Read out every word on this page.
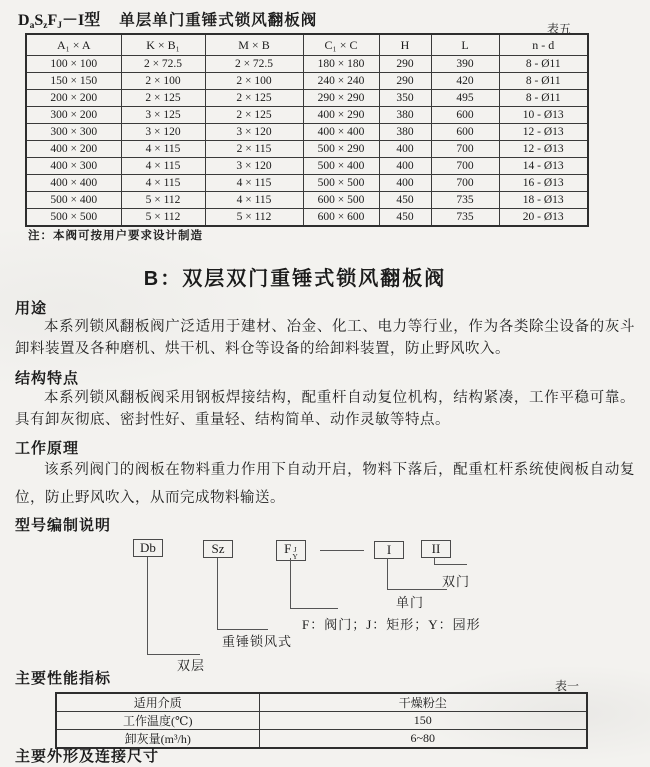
$D_aS_zF_J-I$型 单层单门重锤式锁风翻板阀	表五
A₁ × A	K × B₁	M × B	C₁ × C	H	L	n - d
100 × 100	2 × 72.5	2 × 72.5	180 × 180	290	390	8 - Ø11
150 × 150	2 × 100	2 × 100	240 × 240	290	420	8 - Ø11
200 × 200	2 × 125	2 × 125	290 × 290	350	495	8 - Ø11
300 × 200	3 × 125	2 × 125	400 × 290	380	600	10 - Ø13
300 × 300	3 × 120	3 × 120	400 × 400	380	600	12 - Ø13
400 × 200	4 × 115	2 × 115	500 × 290	400	700	12 - Ø13
400 × 300	4 × 115	3 × 120	500 × 400	400	700	14 - Ø13
400 × 400	4 × 115	4 × 115	500 × 500	400	700	16 - Ø13
500 × 400	5 × 112	4 × 115	600 × 500	450	735	18 - Ø13
500 × 500	5 × 112	5 × 112	600 × 600	450	735	20 - Ø13
注：本阀可按用户要求设计制造
B：双层双门重锤式锁风翻板阀
用途
本系列锁风翻板阀广泛适用于建材、冶金、化工、电力等行业，作为各类除尘设备的灰斗卸料装置及各种磨机、烘干机、料仓等设备的给卸料装置，防止野风吹入。
结构特点
本系列锁风翻板阀采用钢板焊接结构，配重杆自动复位机构，结构紧凑，工作平稳可靠。具有卸灰彻底、密封性好、重量轻、结构简单、动作灵敏等特点。
工作原理
该系列阀门的阀板在物料重力作用下自动开启，物料下落后，配重杠杆系统使阀板自动复位，防止野风吹入，从而完成物料输送。
型号编制说明
Db	Sz	F J
Y	I	II
双层
重锤锁风式
F：阀门；J：矩形；Y：园形
单门
双门
主要性能指标	表一
适用介质	干燥粉尘
工作温度(℃)	150
卸灰量(m³/h)	6~80
主要外形及连接尺寸
